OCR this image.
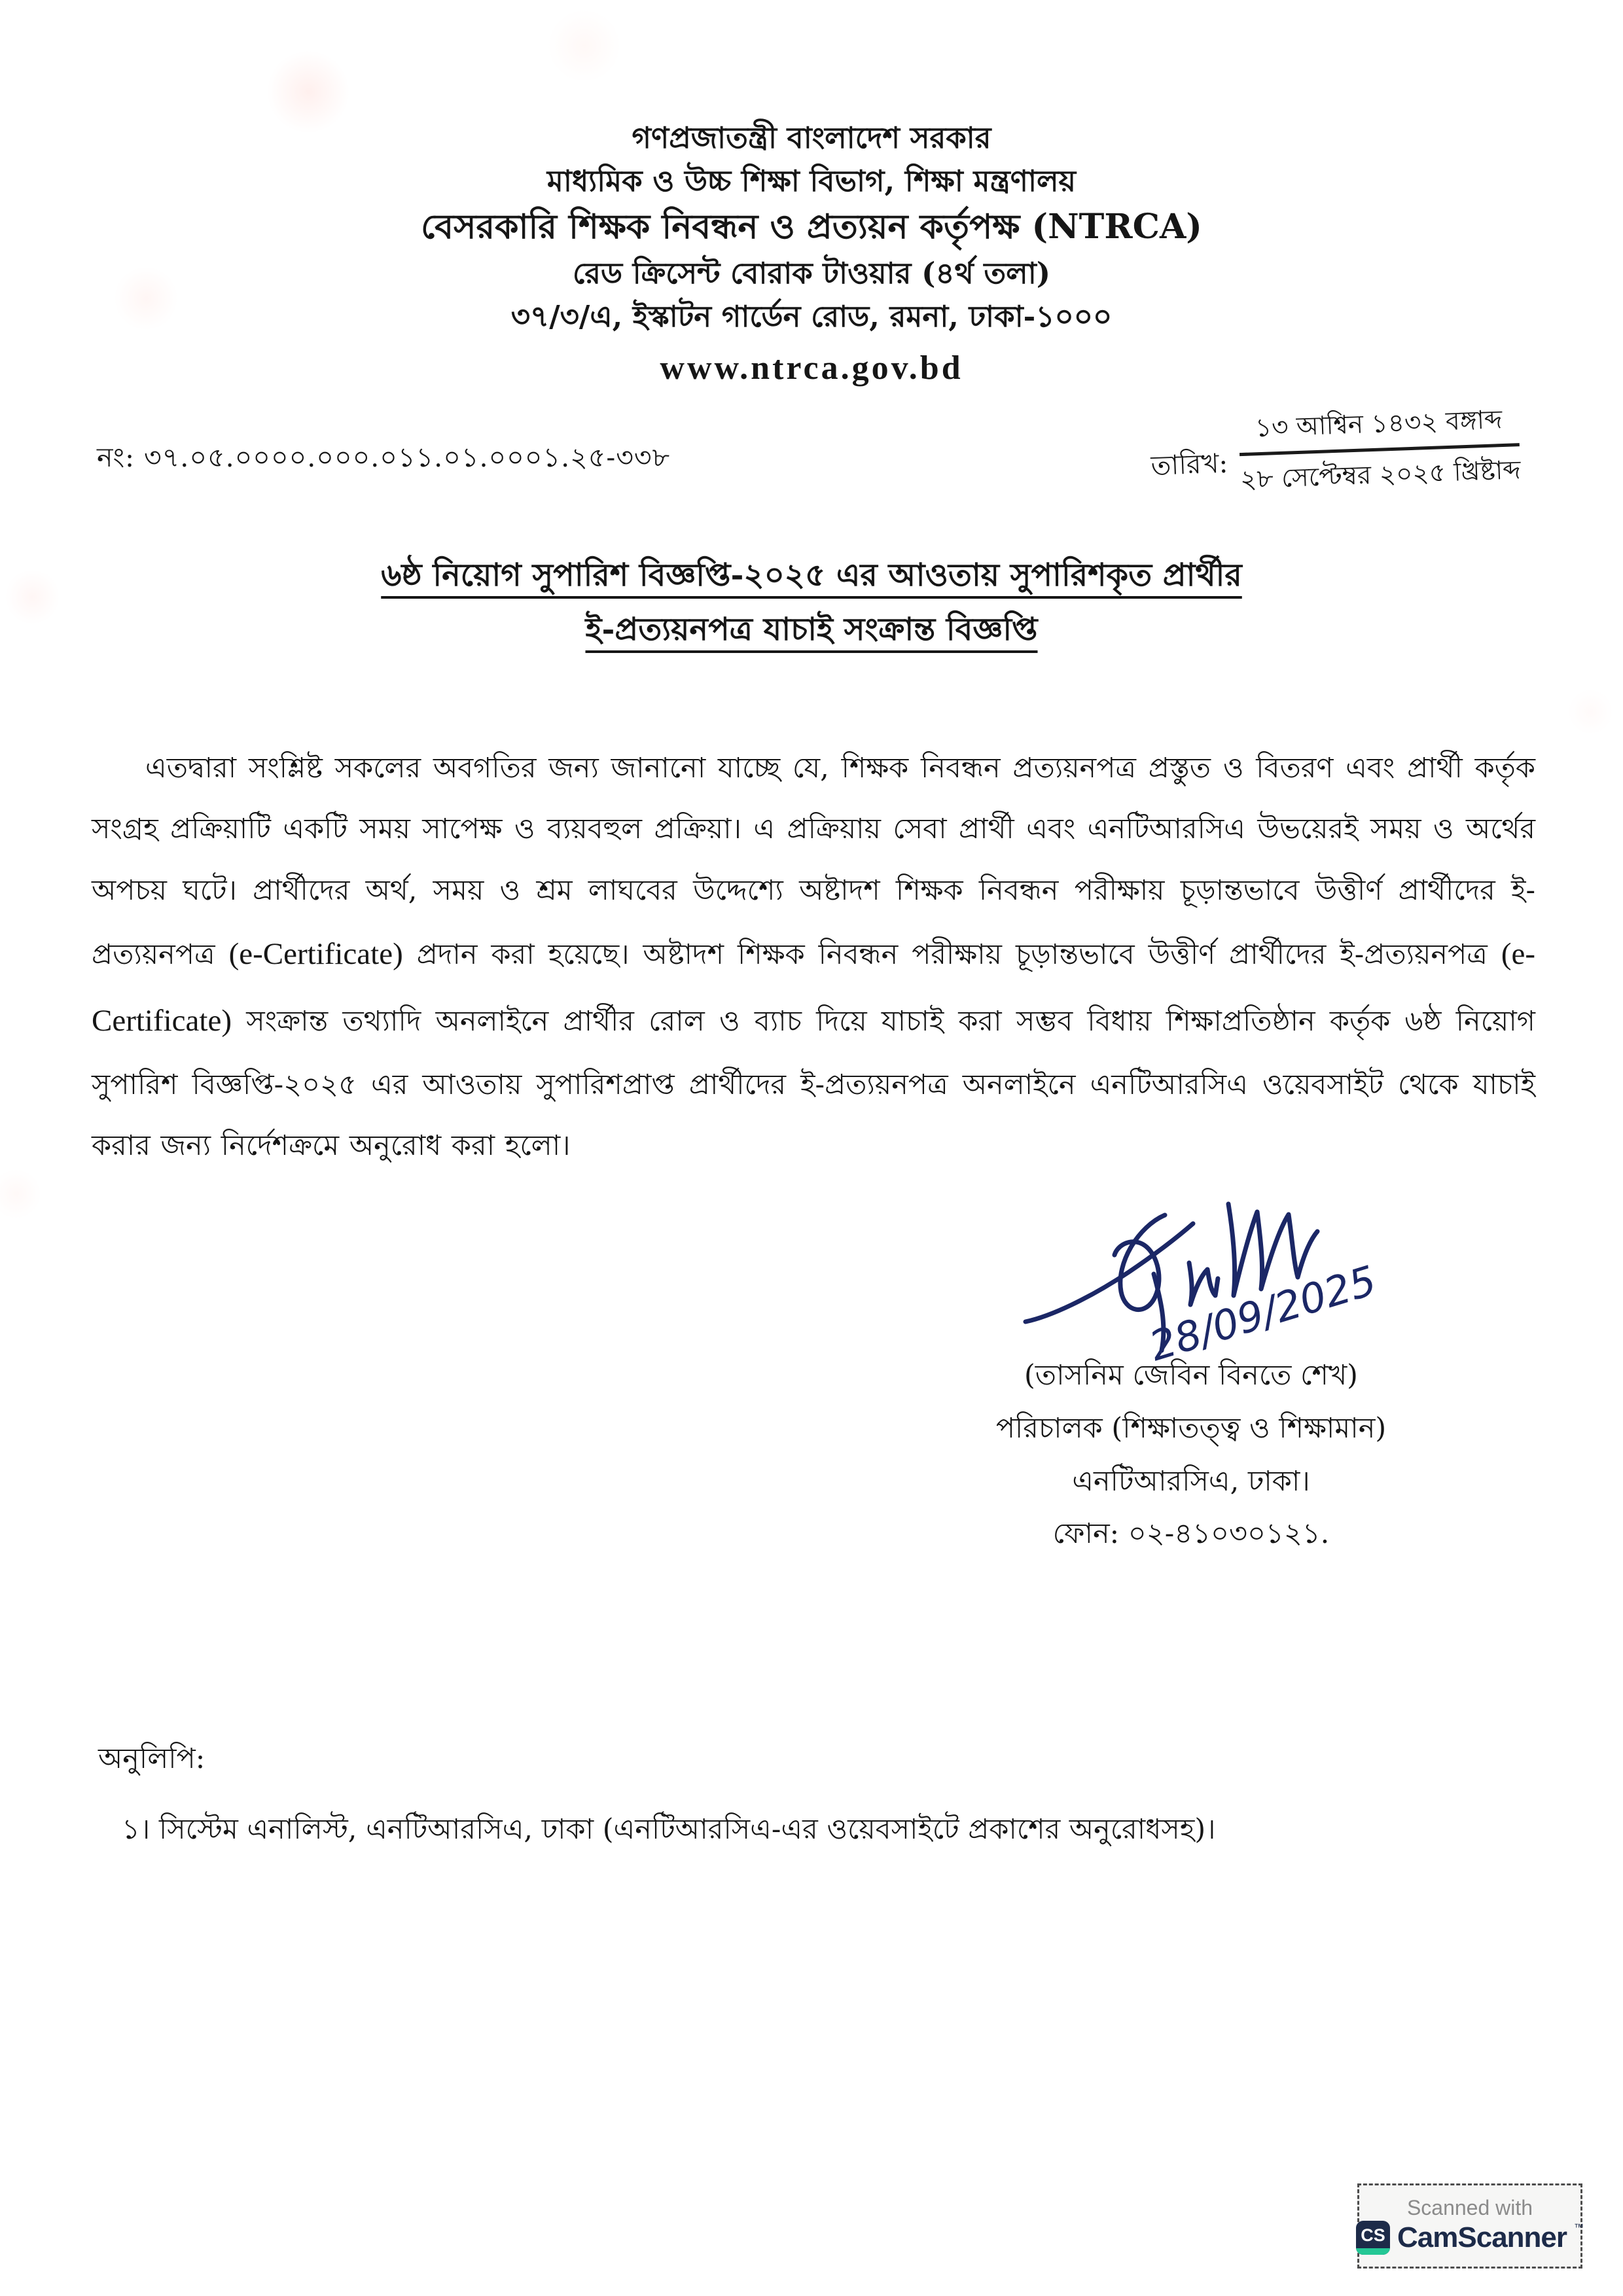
গণপ্রজাতন্ত্রী বাংলাদেশ সরকার
মাধ্যমিক ও উচ্চ শিক্ষা বিভাগ, শিক্ষা মন্ত্রণালয়
বেসরকারি শিক্ষক নিবন্ধন ও প্রত্যয়ন কর্তৃপক্ষ (NTRCA)
রেড ক্রিসেন্ট বোরাক টাওয়ার (৪র্থ তলা)
৩৭/৩/এ, ইস্কাটন গার্ডেন রোড, রমনা, ঢাকা-১০০০
www.ntrca.gov.bd
নং: ৩৭.০৫.০০০০.০০০.০১১.০১.০০০১.২৫-৩৩৮	তারিখ: $\frac{\text{১৩ আশ্বিন ১৪৩২ বঙ্গাব্দ}}{\text{২৮ সেপ্টেম্বর ২০২৫ খ্রিষ্টাব্দ}}$
৬ষ্ঠ নিয়োগ সুপারিশ বিজ্ঞপ্তি-২০২৫ এর আওতায় সুপারিশকৃত প্রার্থীর
ই-প্রত্যয়নপত্র যাচাই সংক্রান্ত বিজ্ঞপ্তি
এতদ্বারা সংশ্লিষ্ট সকলের অবগতির জন্য জানানো যাচ্ছে যে, শিক্ষক নিবন্ধন প্রত্যয়নপত্র প্রস্তুত ও বিতরণ এবং প্রার্থী কর্তৃক সংগ্রহ প্রক্রিয়াটি একটি সময় সাপেক্ষ ও ব্যয়বহুল প্রক্রিয়া। এ প্রক্রিয়ায় সেবা প্রার্থী এবং এনটিআরসিএ উভয়েরই সময় ও অর্থের অপচয় ঘটে। প্রার্থীদের অর্থ, সময় ও শ্রম লাঘবের উদ্দেশ্যে অষ্টাদশ শিক্ষক নিবন্ধন পরীক্ষায় চূড়ান্তভাবে উত্তীর্ণ প্রার্থীদের ই-প্রত্যয়নপত্র (e-Certificate) প্রদান করা হয়েছে। অষ্টাদশ শিক্ষক নিবন্ধন পরীক্ষায় চূড়ান্তভাবে উত্তীর্ণ প্রার্থীদের ই-প্রত্যয়নপত্র (e-Certificate) সংক্রান্ত তথ্যাদি অনলাইনে প্রার্থীর রোল ও ব্যাচ দিয়ে যাচাই করা সম্ভব বিধায় শিক্ষাপ্রতিষ্ঠান কর্তৃক ৬ষ্ঠ নিয়োগ সুপারিশ বিজ্ঞপ্তি-২০২৫ এর আওতায় সুপারিশপ্রাপ্ত প্রার্থীদের ই-প্রত্যয়নপত্র অনলাইনে এনটিআরসিএ ওয়েবসাইট থেকে যাচাই করার জন্য নির্দেশক্রমে অনুরোধ করা হলো।
28/09/2025
(তাসনিম জেবিন বিনতে শেখ)
পরিচালক (শিক্ষাতত্ত্ব ও শিক্ষামান)
এনটিআরসিএ, ঢাকা।
ফোন: ০২-৪১০৩০১২১.
অনুলিপি:
১। সিস্টেম এনালিস্ট, এনটিআরসিএ, ঢাকা (এনটিআরসিএ-এর ওয়েবসাইটে প্রকাশের অনুরোধসহ)।
Scanned with
CS CamScanner ™
